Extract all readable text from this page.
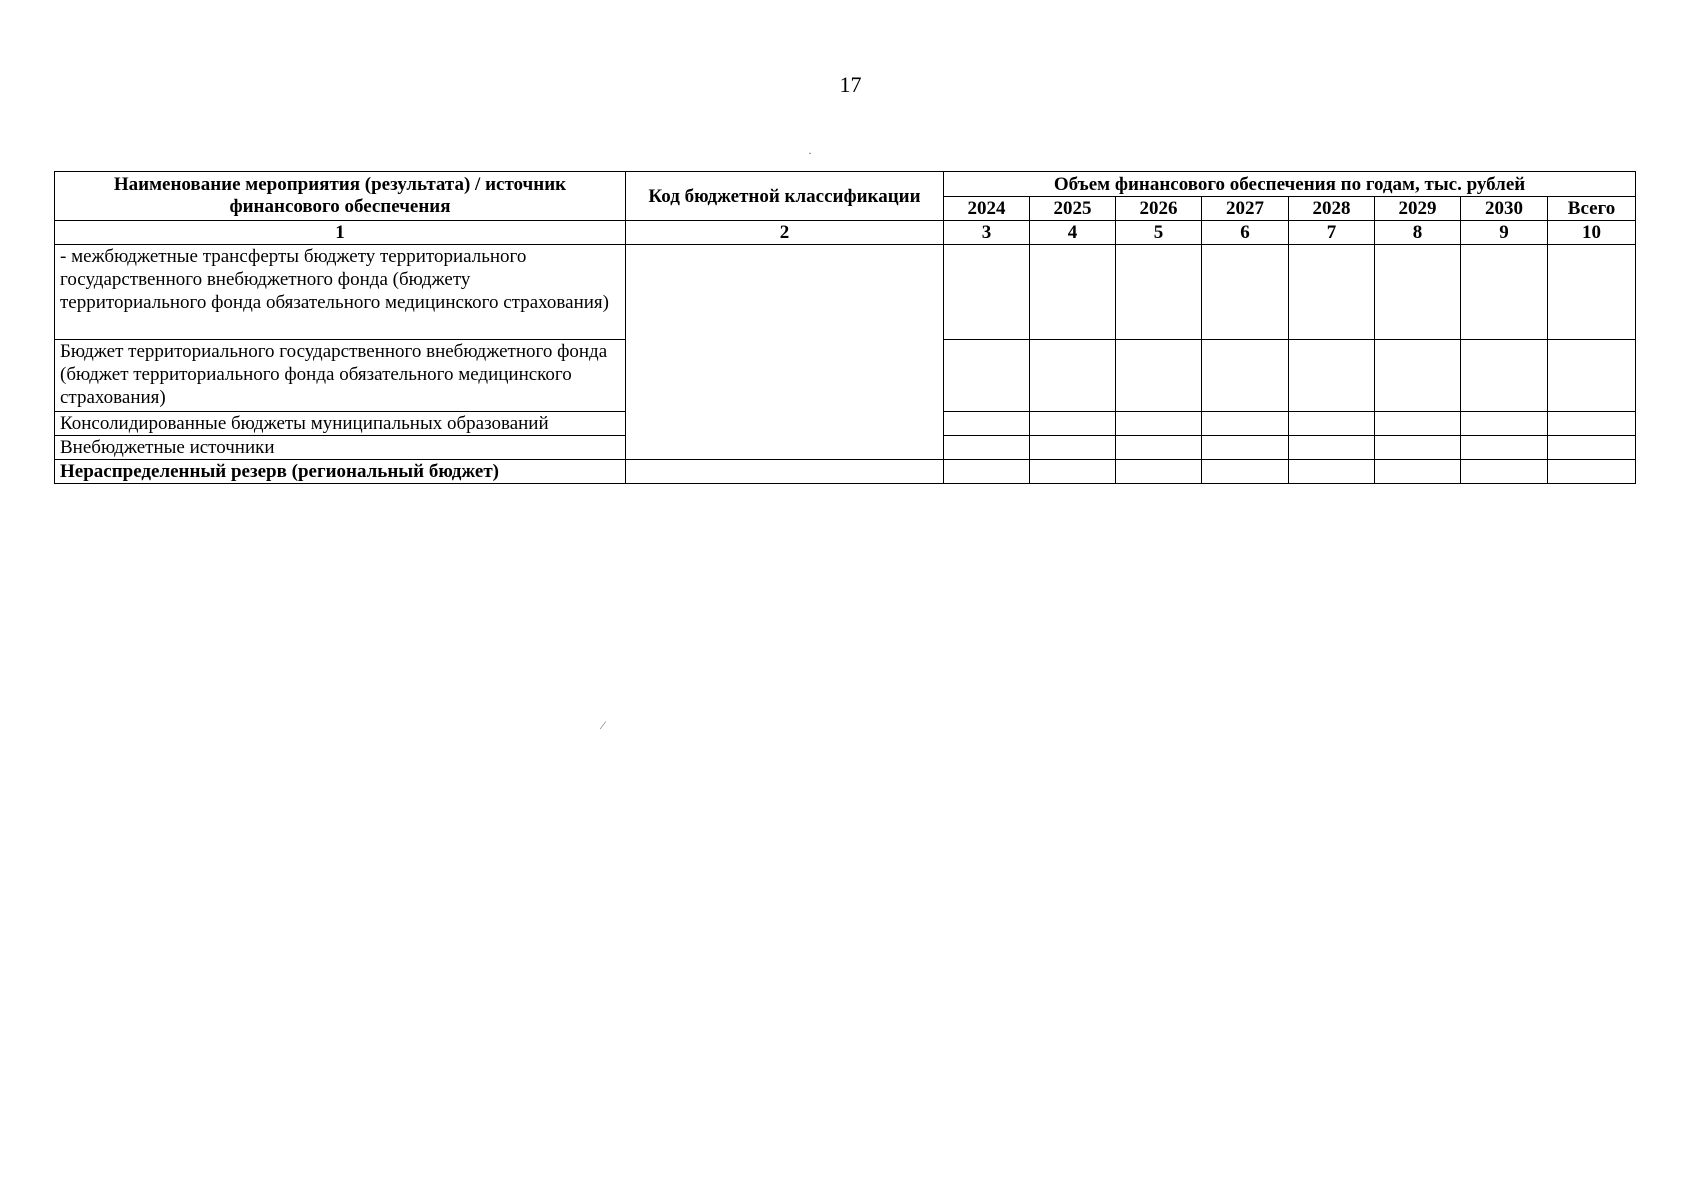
17
·
⁄
Наименование мероприятия (результата) / источник финансового обеспечения	Код бюджетной классификации	Объем финансового обеспечения по годам, тыс. рублей							
		2024	2025	2026	2027	2028	2029	2030	Всего
1	2	3	4	5	6	7	8	9	10
- межбюджетные трансферты бюджету территориального государственного внебюджетного фонда (бюджету территориального фонда обязательного медицинского страхования)									
Бюджет территориального государственного внебюджетного фонда (бюджет территориального фонда обязательного медицинского страхования)									
Консолидированные бюджеты муниципальных образований									
Внебюджетные источники									
Нераспределенный резерв (региональный бюджет)									
